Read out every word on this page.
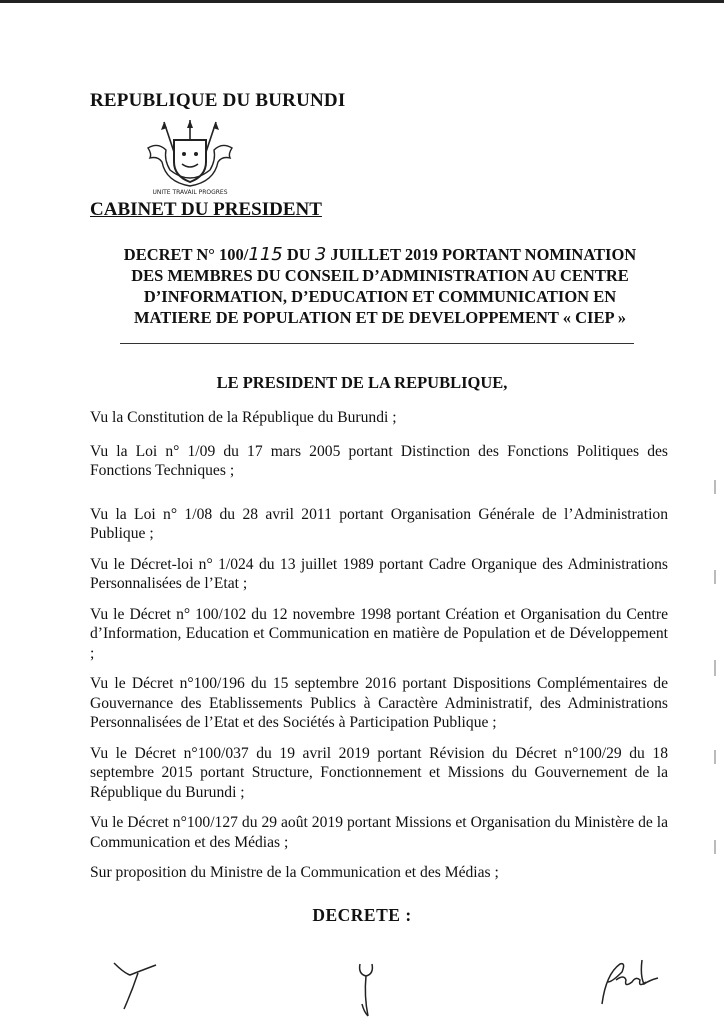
REPUBLIQUE DU BURUNDI
UNITE TRAVAIL PROGRES
CABINET DU PRESIDENT
DECRET N° 100/115 DU 3 JUILLET 2019 PORTANT NOMINATION
DES MEMBRES DU CONSEIL D’ADMINISTRATION AU CENTRE
D’INFORMATION, D’EDUCATION ET COMMUNICATION EN
MATIERE DE POPULATION ET DE DEVELOPPEMENT « CIEP »
LE PRESIDENT DE LA REPUBLIQUE,

Vu la Constitution de la République du Burundi ;

Vu la Loi n° 1/09 du 17 mars 2005 portant Distinction des Fonctions Politiques des Fonctions Techniques ;

Vu la Loi n° 1/08 du 28 avril 2011 portant Organisation Générale de l’Administration Publique ;

Vu le Décret-loi n° 1/024 du 13 juillet 1989 portant Cadre Organique des Administrations Personnalisées de l’Etat ;

Vu le Décret n° 100/102 du 12 novembre 1998 portant Création et Organisation du Centre d’Information, Education et Communication en matière de Population et de Développement ;

Vu le Décret n°100/196 du 15 septembre 2016 portant Dispositions Complémentaires de Gouvernance des Etablissements Publics à Caractère Administratif, des Administrations Personnalisées de l’Etat et des Sociétés à Participation Publique ;

Vu le Décret n°100/037 du 19 avril 2019 portant Révision du Décret n°100/29 du 18 septembre 2015 portant Structure, Fonctionnement et Missions du Gouvernement de la République du Burundi ;

Vu le Décret n°100/127 du 29 août 2019 portant Missions et Organisation du Ministère de la Communication et des Médias ;

Sur proposition du Ministre de la Communication et des Médias ;

DECRETE :
